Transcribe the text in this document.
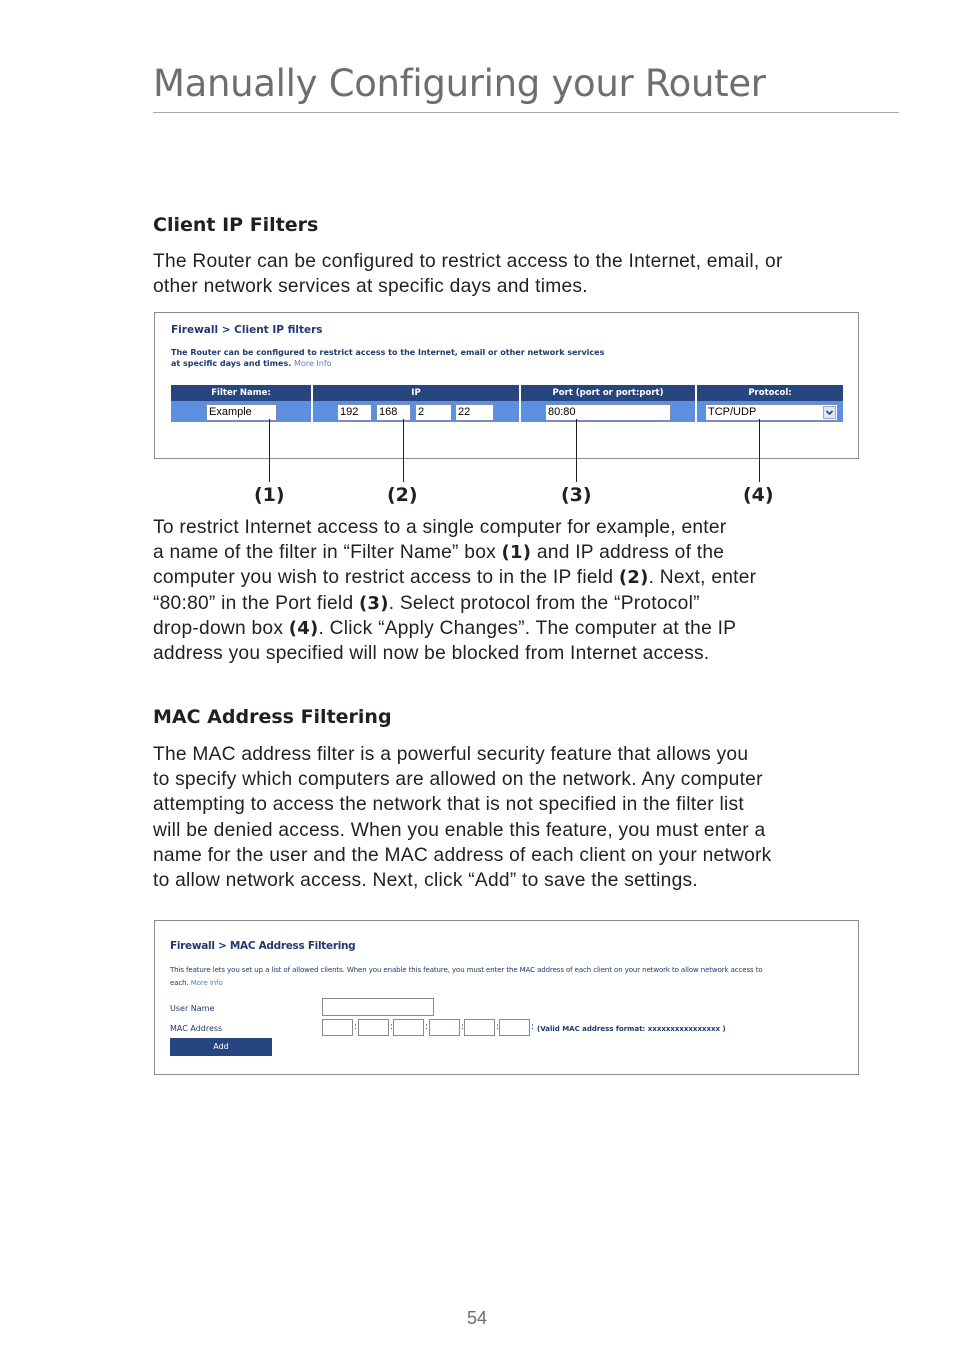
Manually Configuring your Router
Client IP Filters

The Router can be configured to restrict access to the Internet, email, or
other network services at specific days and times.

Firewall > Client IP filters
The Router can be configured to restrict access to the Internet, email or other network services
at specific days and times. More Info
Filter Name:	IP	Port (port or port:port)	Protocol:
Example	192	168	2	22	80:80	TCP/UDP
(1)	(2)	(3)	(4)

To restrict Internet access to a single computer for example, enter
a name of the filter in “Filter Name” box (1) and IP address of the
computer you wish to restrict access to in the IP field (2). Next, enter
“80:80” in the Port field (3). Select protocol from the “Protocol”
drop-down box (4). Click “Apply Changes”. The computer at the IP
address you specified will now be blocked from Internet access.

MAC Address Filtering

The MAC address filter is a powerful security feature that allows you
to specify which computers are allowed on the network. Any computer
attempting to access the network that is not specified in the filter list
will be denied access. When you enable this feature, you must enter a
name for the user and the MAC address of each client on your network
to allow network access. Next, click “Add” to save the settings.

Firewall > MAC Address Filtering
This feature lets you set up a list of allowed clients. When you enable this feature, you must enter the MAC address of each client on your network to allow network access to
each. More Info
User Name
MAC Address	:	:	:	:	:	: (Valid MAC address format: xxxxxxxxxxxxxxxx )
Add
54
